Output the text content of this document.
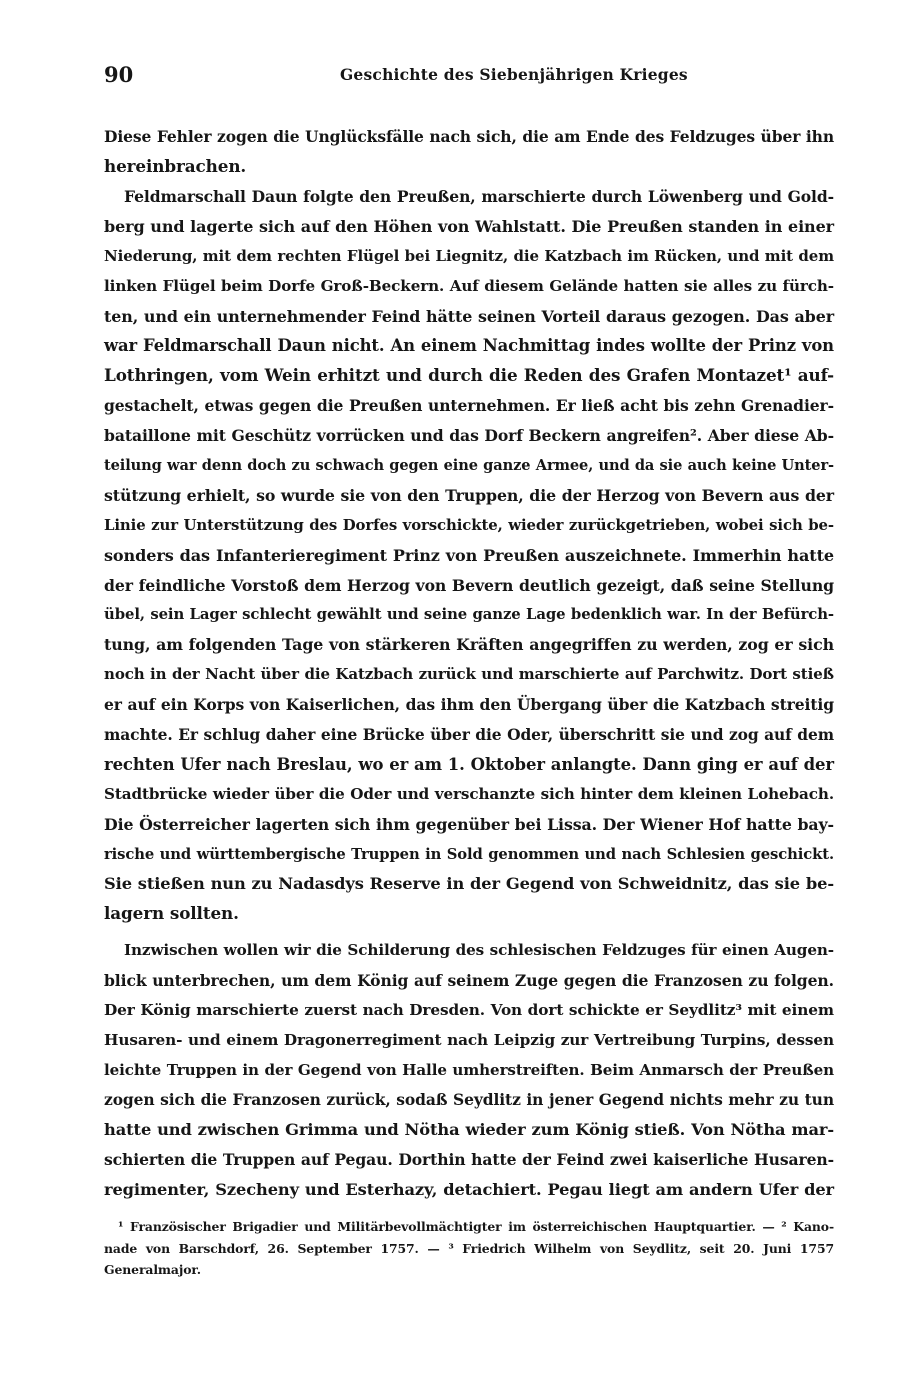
90	Geschichte des Siebenjährigen Krieges
Diese Fehler zogen die Unglücksfälle nach sich, die am Ende des Feldzuges über ihn
hereinbrachen.
Feldmarschall Daun folgte den Preußen, marschierte durch Löwenberg und Gold-
berg und lagerte sich auf den Höhen von Wahlstatt. Die Preußen standen in einer
Niederung, mit dem rechten Flügel bei Liegnitz, die Katzbach im Rücken, und mit dem
linken Flügel beim Dorfe Groß-Beckern. Auf diesem Gelände hatten sie alles zu fürch-
ten, und ein unternehmender Feind hätte seinen Vorteil daraus gezogen. Das aber
war Feldmarschall Daun nicht. An einem Nachmittag indes wollte der Prinz von
Lothringen, vom Wein erhitzt und durch die Reden des Grafen Montazet¹ auf-
gestachelt, etwas gegen die Preußen unternehmen. Er ließ acht bis zehn Grenadier-
bataillone mit Geschütz vorrücken und das Dorf Beckern angreifen². Aber diese Ab-
teilung war denn doch zu schwach gegen eine ganze Armee, und da sie auch keine Unter-
stützung erhielt, so wurde sie von den Truppen, die der Herzog von Bevern aus der
Linie zur Unterstützung des Dorfes vorschickte, wieder zurückgetrieben, wobei sich be-
sonders das Infanterieregiment Prinz von Preußen auszeichnete. Immerhin hatte
der feindliche Vorstoß dem Herzog von Bevern deutlich gezeigt, daß seine Stellung
übel, sein Lager schlecht gewählt und seine ganze Lage bedenklich war. In der Befürch-
tung, am folgenden Tage von stärkeren Kräften angegriffen zu werden, zog er sich
noch in der Nacht über die Katzbach zurück und marschierte auf Parchwitz. Dort stieß
er auf ein Korps von Kaiserlichen, das ihm den Übergang über die Katzbach streitig
machte. Er schlug daher eine Brücke über die Oder, überschritt sie und zog auf dem
rechten Ufer nach Breslau, wo er am 1. Oktober anlangte. Dann ging er auf der
Stadtbrücke wieder über die Oder und verschanzte sich hinter dem kleinen Lohebach.
Die Österreicher lagerten sich ihm gegenüber bei Lissa. Der Wiener Hof hatte bay-
rische und württembergische Truppen in Sold genommen und nach Schlesien geschickt.
Sie stießen nun zu Nadasdys Reserve in der Gegend von Schweidnitz, das sie be-
lagern sollten.
Inzwischen wollen wir die Schilderung des schlesischen Feldzuges für einen Augen-
blick unterbrechen, um dem König auf seinem Zuge gegen die Franzosen zu folgen.
Der König marschierte zuerst nach Dresden. Von dort schickte er Seydlitz³ mit einem
Husaren- und einem Dragonerregiment nach Leipzig zur Vertreibung Turpins, dessen
leichte Truppen in der Gegend von Halle umherstreiften. Beim Anmarsch der Preußen
zogen sich die Franzosen zurück, sodaß Seydlitz in jener Gegend nichts mehr zu tun
hatte und zwischen Grimma und Nötha wieder zum König stieß. Von Nötha mar-
schierten die Truppen auf Pegau. Dorthin hatte der Feind zwei kaiserliche Husaren-
regimenter, Szecheny und Esterhazy, detachiert. Pegau liegt am andern Ufer der
¹ Französischer Brigadier und Militärbevollmächtigter im österreichischen Hauptquartier. — ² Kano-
nade von Barschdorf, 26. September 1757. — ³ Friedrich Wilhelm von Seydlitz, seit 20. Juni 1757
Generalmajor.
